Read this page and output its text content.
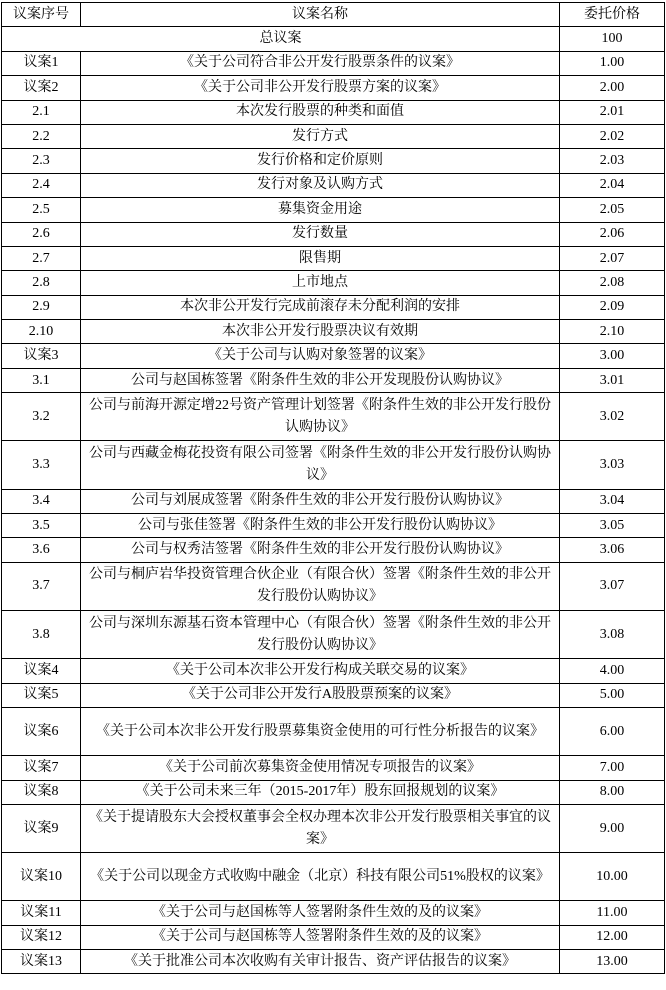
议案序号	议案名称	委托价格
总议案		100
议案1	《关于公司符合非公开发行股票条件的议案》	1.00
议案2	《关于公司非公开发行股票方案的议案》	2.00
2.1	本次发行股票的种类和面值	2.01
2.2	发行方式	2.02
2.3	发行价格和定价原则	2.03
2.4	发行对象及认购方式	2.04
2.5	募集资金用途	2.05
2.6	发行数量	2.06
2.7	限售期	2.07
2.8	上市地点	2.08
2.9	本次非公开发行完成前滚存未分配利润的安排	2.09
2.10	本次非公开发行股票决议有效期	2.10
议案3	《关于公司与认购对象签署的议案》	3.00
3.1	公司与赵国栋签署《附条件生效的非公开发现股份认购协议》	3.01
3.2	公司与前海开源定增22号资产管理计划签署《附条件生效的非公开发行股份认购协议》	3.02
3.3	公司与西藏金梅花投资有限公司签署《附条件生效的非公开发行股份认购协议》	3.03
3.4	公司与刘展成签署《附条件生效的非公开发行股份认购协议》	3.04
3.5	公司与张佳签署《附条件生效的非公开发行股份认购协议》	3.05
3.6	公司与权秀洁签署《附条件生效的非公开发行股份认购协议》	3.06
3.7	公司与桐庐岩华投资管理合伙企业（有限合伙）签署《附条件生效的非公开发行股份认购协议》	3.07
3.8	公司与深圳东源基石资本管理中心（有限合伙）签署《附条件生效的非公开发行股份认购协议》	3.08
议案4	《关于公司本次非公开发行构成关联交易的议案》	4.00
议案5	《关于公司非公开发行A股股票预案的议案》	5.00
议案6	《关于公司本次非公开发行股票募集资金使用的可行性分析报告的议案》	6.00
议案7	《关于公司前次募集资金使用情况专项报告的议案》	7.00
议案8	《关于公司未来三年（2015-2017年）股东回报规划的议案》	8.00
议案9	《关于提请股东大会授权董事会全权办理本次非公开发行股票相关事宜的议案》	9.00
议案10	《关于公司以现金方式收购中融金（北京）科技有限公司51%股权的议案》	10.00
议案11	《关于公司与赵国栋等人签署附条件生效的及的议案》	11.00
议案12	《关于公司与赵国栋等人签署附条件生效的及的议案》	12.00
议案13	《关于批准公司本次收购有关审计报告、资产评估报告的议案》	13.00
